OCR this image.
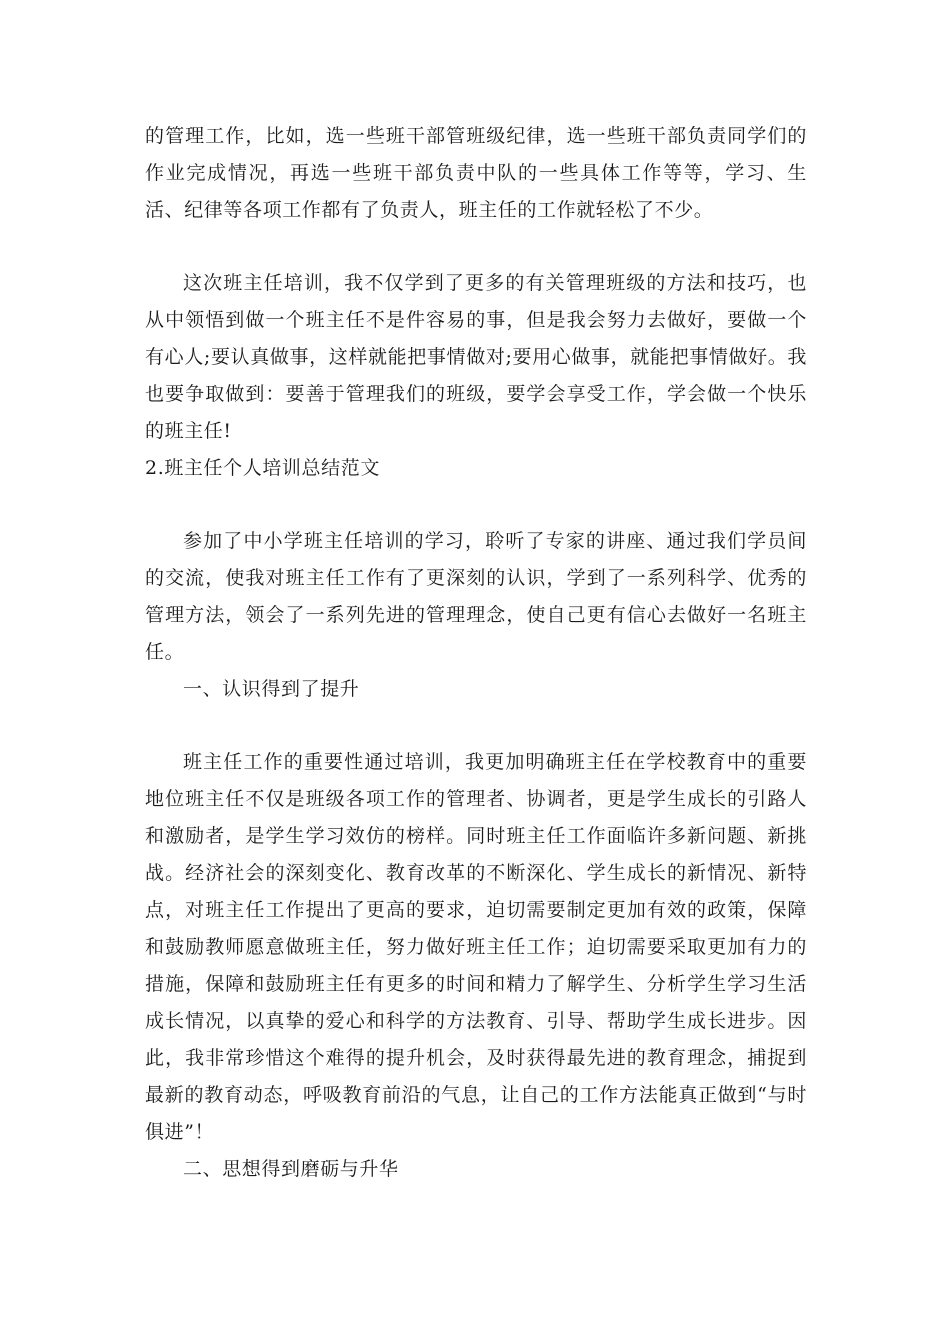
的管理工作，比如，选一些班干部管班级纪律，选一些班干部负责同学们的作业完成情况，再选一些班干部负责中队的一些具体工作等等，学习、生活、纪律等各项工作都有了负责人，班主任的工作就轻松了不少。

这次班主任培训，我不仅学到了更多的有关管理班级的方法和技巧，也从中领悟到做一个班主任不是件容易的事，但是我会努力去做好，要做一个有心人;要认真做事，这样就能把事情做对;要用心做事，就能把事情做好。我也要争取做到：要善于管理我们的班级，要学会享受工作，学会做一个快乐的班主任!

2.班主任个人培训总结范文

参加了中小学班主任培训的学习，聆听了专家的讲座、通过我们学员间的交流，使我对班主任工作有了更深刻的认识，学到了一系列科学、优秀的管理方法，领会了一系列先进的管理理念，使自己更有信心去做好一名班主任。

一、认识得到了提升

班主任工作的重要性通过培训，我更加明确班主任在学校教育中的重要地位班主任不仅是班级各项工作的管理者、协调者，更是学生成长的引路人和激励者，是学生学习效仿的榜样。同时班主任工作面临许多新问题、新挑战。经济社会的深刻变化、教育改革的不断深化、学生成长的新情况、新特点，对班主任工作提出了更高的要求，迫切需要制定更加有效的政策，保障和鼓励教师愿意做班主任，努力做好班主任工作；迫切需要采取更加有力的措施，保障和鼓励班主任有更多的时间和精力了解学生、分析学生学习生活成长情况，以真挚的爱心和科学的方法教育、引导、帮助学生成长进步。因此，我非常珍惜这个难得的提升机会，及时获得最先进的教育理念，捕捉到最新的教育动态，呼吸教育前沿的气息，让自己的工作方法能真正做到“与时俱进”！

二、思想得到磨砺与升华
